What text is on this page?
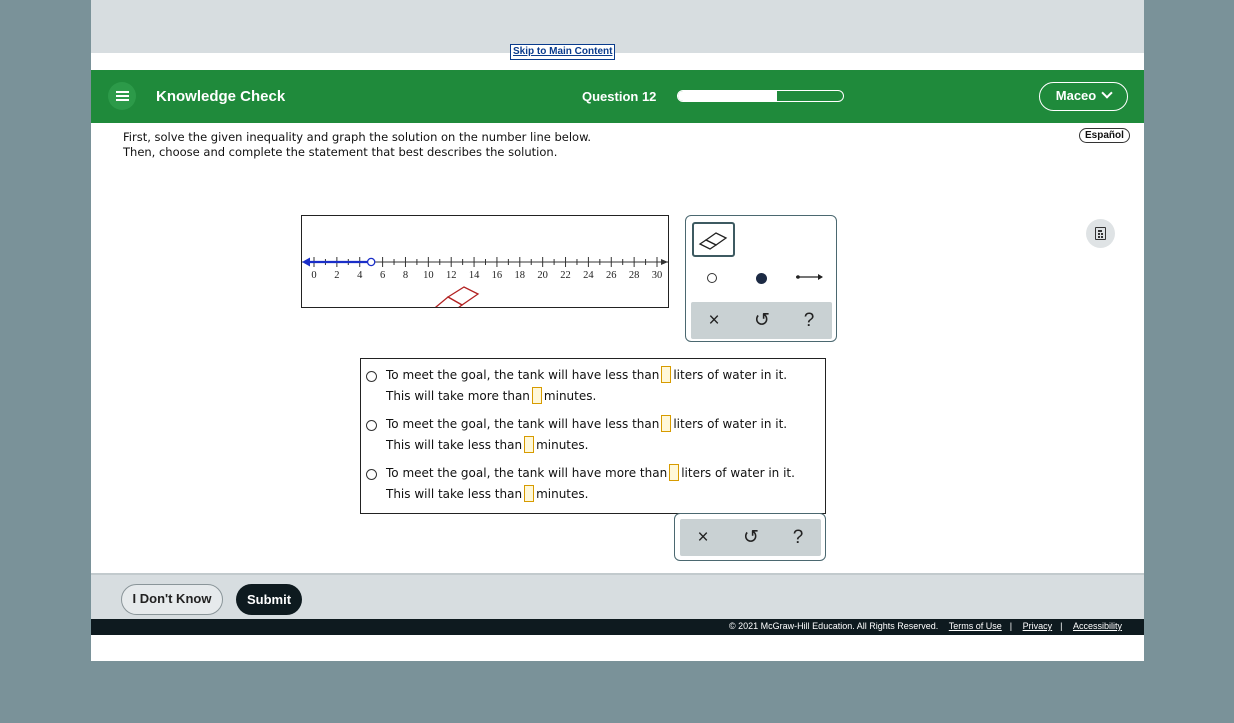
Skip to Main Content
Knowledge Check	Question 12	Maceo
First, solve the given inequality and graph the solution on the number line below.
Then, choose and complete the statement that best describes the solution.
Español
0 2 4 6 8 10 12 14 16 18 20 22 24 26 28 30
×	↺	?
To meet the goal, the tank will have less than liters of water in it.
This will take more than minutes.
To meet the goal, the tank will have less than liters of water in it.
This will take less than minutes.
To meet the goal, the tank will have more than liters of water in it.
This will take less than minutes.
×	↺	?
I Don't Know	Submit
© 2021 McGraw-Hill Education. All Rights Reserved. Terms of Use | Privacy | Accessibility
